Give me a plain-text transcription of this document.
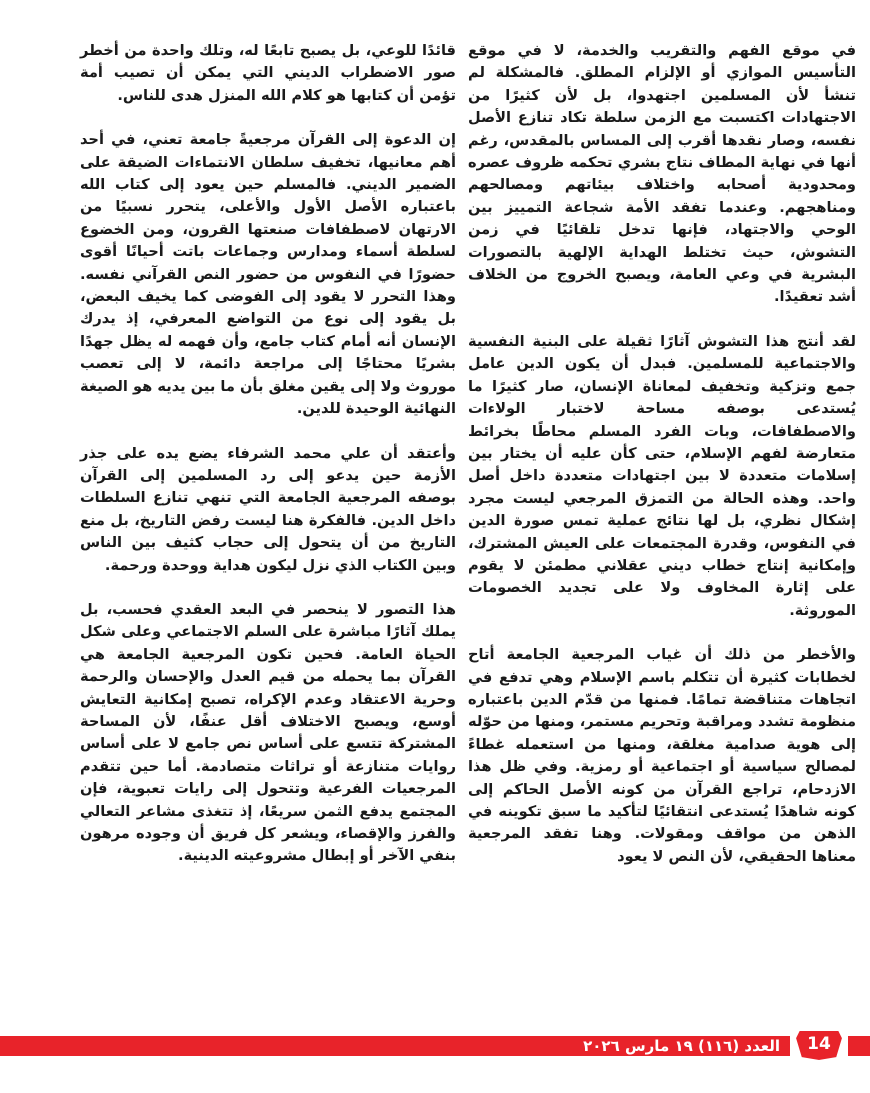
في موقع الفهم والتقريب والخدمة، لا في موقع التأسيس الموازي أو الإلزام المطلق. فالمشكلة لم تنشأ لأن المسلمين اجتهدوا، بل لأن كثيرًا من الاجتهادات اكتسبت مع الزمن سلطة تكاد تنازع الأصل نفسه، وصار نقدها أقرب إلى المساس بالمقدس، رغم أنها في نهاية المطاف نتاج بشري تحكمه ظروف عصره ومحدودية أصحابه واختلاف بيئاتهم ومصالحهم ومناهجهم. وعندما تفقد الأمة شجاعة التمييز بين الوحي والاجتهاد، فإنها تدخل تلقائيًا في زمن التشوش، حيث تختلط الهداية الإلهية بالتصورات البشرية في وعي العامة، ويصبح الخروج من الخلاف أشد تعقيدًا.

لقد أنتج هذا التشوش آثارًا ثقيلة على البنية النفسية والاجتماعية للمسلمين. فبدل أن يكون الدين عامل جمع وتزكية وتخفيف لمعاناة الإنسان، صار كثيرًا ما يُستدعى بوصفه مساحة لاختبار الولاءات والاصطفافات، وبات الفرد المسلم محاطًا بخرائط متعارضة لفهم الإسلام، حتى كأن عليه أن يختار بين إسلامات متعددة لا بين اجتهادات متعددة داخل أصل واحد. وهذه الحالة من التمزق المرجعي ليست مجرد إشكال نظري، بل لها نتائج عملية تمس صورة الدين في النفوس، وقدرة المجتمعات على العيش المشترك، وإمكانية إنتاج خطاب ديني عقلاني مطمئن لا يقوم على إثارة المخاوف ولا على تجديد الخصومات الموروثة.

والأخطر من ذلك أن غياب المرجعية الجامعة أتاح لخطابات كثيرة أن تتكلم باسم الإسلام وهي تدفع في اتجاهات متناقضة تمامًا. فمنها من قدّم الدين باعتباره منظومة تشدد ومراقبة وتحريم مستمر، ومنها من حوّله إلى هوية صدامية مغلقة، ومنها من استعمله غطاءً لمصالح سياسية أو اجتماعية أو رمزية. وفي ظل هذا الازدحام، تراجع القرآن من كونه الأصل الحاكم إلى كونه شاهدًا يُستدعى انتقائيًا لتأكيد ما سبق تكوينه في الذهن من مواقف ومقولات. وهنا تفقد المرجعية معناها الحقيقي، لأن النص لا يعود

قائدًا للوعي، بل يصبح تابعًا له، وتلك واحدة من أخطر صور الاضطراب الديني التي يمكن أن تصيب أمة تؤمن أن كتابها هو كلام الله المنزل هدى للناس.

إن الدعوة إلى القرآن مرجعيةً جامعة تعني، في أحد أهم معانيها، تخفيف سلطان الانتماءات الضيقة على الضمير الديني. فالمسلم حين يعود إلى كتاب الله باعتباره الأصل الأول والأعلى، يتحرر نسبيًا من الارتهان لاصطفافات صنعتها القرون، ومن الخضوع لسلطة أسماء ومدارس وجماعات باتت أحيانًا أقوى حضورًا في النفوس من حضور النص القرآني نفسه. وهذا التحرر لا يقود إلى الفوضى كما يخيف البعض، بل يقود إلى نوع من التواضع المعرفي، إذ يدرك الإنسان أنه أمام كتاب جامع، وأن فهمه له يظل جهدًا بشريًا محتاجًا إلى مراجعة دائمة، لا إلى تعصب موروث ولا إلى يقين مغلق بأن ما بين يديه هو الصيغة النهائية الوحيدة للدين.

وأعتقد أن علي محمد الشرفاء يضع يده على جذر الأزمة حين يدعو إلى رد المسلمين إلى القرآن بوصفه المرجعية الجامعة التي تنهي تنازع السلطات داخل الدين. فالفكرة هنا ليست رفض التاريخ، بل منع التاريخ من أن يتحول إلى حجاب كثيف بين الناس وبين الكتاب الذي نزل ليكون هداية ووحدة ورحمة.

هذا التصور لا ينحصر في البعد العقدي فحسب، بل يملك آثارًا مباشرة على السلم الاجتماعي وعلى شكل الحياة العامة. فحين تكون المرجعية الجامعة هي القرآن بما يحمله من قيم العدل والإحسان والرحمة وحرية الاعتقاد وعدم الإكراه، تصبح إمكانية التعايش أوسع، ويصبح الاختلاف أقل عنفًا، لأن المساحة المشتركة تتسع على أساس نص جامع لا على أساس روايات متنازعة أو تراثات متصادمة. أما حين تتقدم المرجعيات الفرعية وتتحول إلى رايات تعبوية، فإن المجتمع يدفع الثمن سريعًا، إذ تتغذى مشاعر التعالي والفرز والإقصاء، ويشعر كل فريق أن وجوده مرهون بنفي الآخر أو إبطال مشروعيته الدينية.

العدد (١١٦) ١٩ مارس ٢٠٢٦	14
